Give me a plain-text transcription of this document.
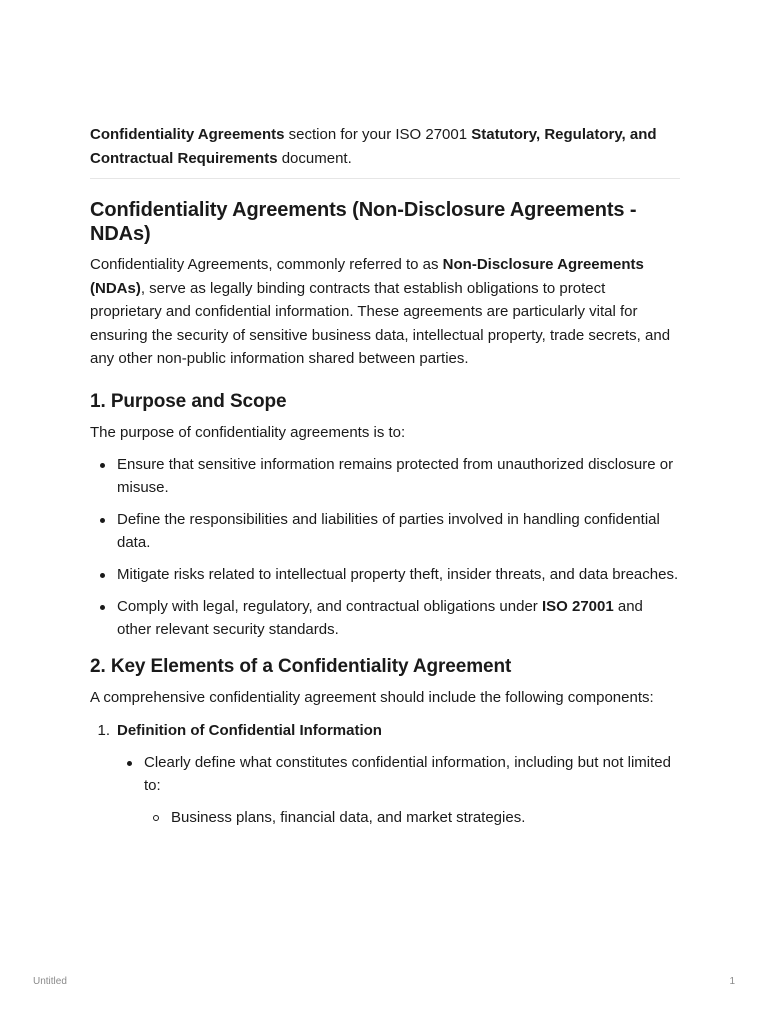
Confidentiality Agreements section for your ISO 27001 Statutory, Regulatory, and Contractual Requirements document.

Confidentiality Agreements (Non-Disclosure Agreements - NDAs)

Confidentiality Agreements, commonly referred to as Non-Disclosure Agreements (NDAs), serve as legally binding contracts that establish obligations to protect proprietary and confidential information. These agreements are particularly vital for ensuring the security of sensitive business data, intellectual property, trade secrets, and any other non-public information shared between parties.

1. Purpose and Scope

The purpose of confidentiality agreements is to:

Ensure that sensitive information remains protected from unauthorized disclosure or misuse.
Define the responsibilities and liabilities of parties involved in handling confidential data.
Mitigate risks related to intellectual property theft, insider threats, and data breaches.
Comply with legal, regulatory, and contractual obligations under ISO 27001 and other relevant security standards.
2. Key Elements of a Confidentiality Agreement

A comprehensive confidentiality agreement should include the following components:

1. Definition of Confidential Information
Clearly define what constitutes confidential information, including but not limited to:
Business plans, financial data, and market strategies.
Untitled	1
